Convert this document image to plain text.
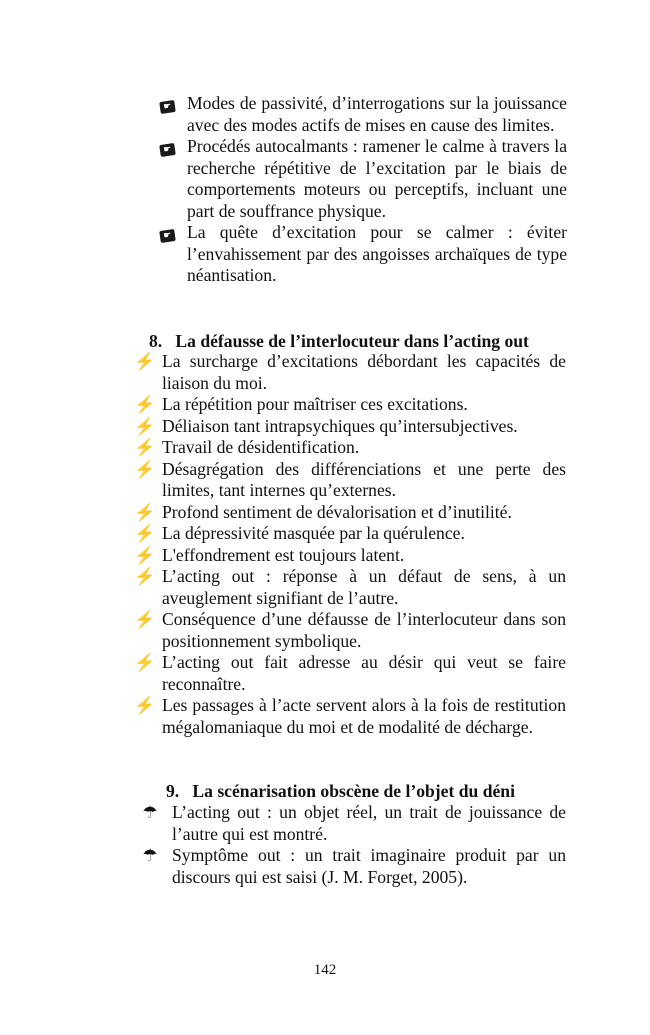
☛ Modes de passivité, d’interrogations sur la jouissance avec des modes actifs de mises en cause des limites.
☛ Procédés autocalmants : ramener le calme à travers la recherche répétitive de l’excitation par le biais de comportements moteurs ou perceptifs, incluant une part de souffrance physique.
☛ La quête d’excitation pour se calmer : éviter l’envahissement par des angoisses archaïques de type néantisation.
8.   La défausse de l’interlocuteur dans l’acting out
⚡ La surcharge d’excitations débordant les capacités de liaison du moi.
⚡ La répétition pour maîtriser ces excitations.
⚡ Déliaison tant intrapsychiques qu’intersubjectives.
⚡ Travail de désidentification.
⚡ Désagrégation des différenciations et une perte des limites, tant internes qu’externes.
⚡ Profond sentiment de dévalorisation et d’inutilité.
⚡ La dépressivité masquée par la quérulence.
⚡ L'effondrement est toujours latent.
⚡ L’acting out : réponse à un défaut de sens, à un aveuglement signifiant de l’autre.
⚡ Conséquence d’une défausse de l’interlocuteur dans son positionnement symbolique.
⚡ L’acting out fait adresse au désir qui veut se faire reconnaître.
⚡ Les passages à l’acte servent alors à la fois de restitution mégalomaniaque du moi et de modalité de décharge.
9.   La scénarisation obscène de l’objet du déni
☂ L’acting out : un objet réel, un trait de jouissance de l’autre qui est montré.
☂ Symptôme out : un trait imaginaire produit par un discours qui est saisi (J. M. Forget, 2005).
142
